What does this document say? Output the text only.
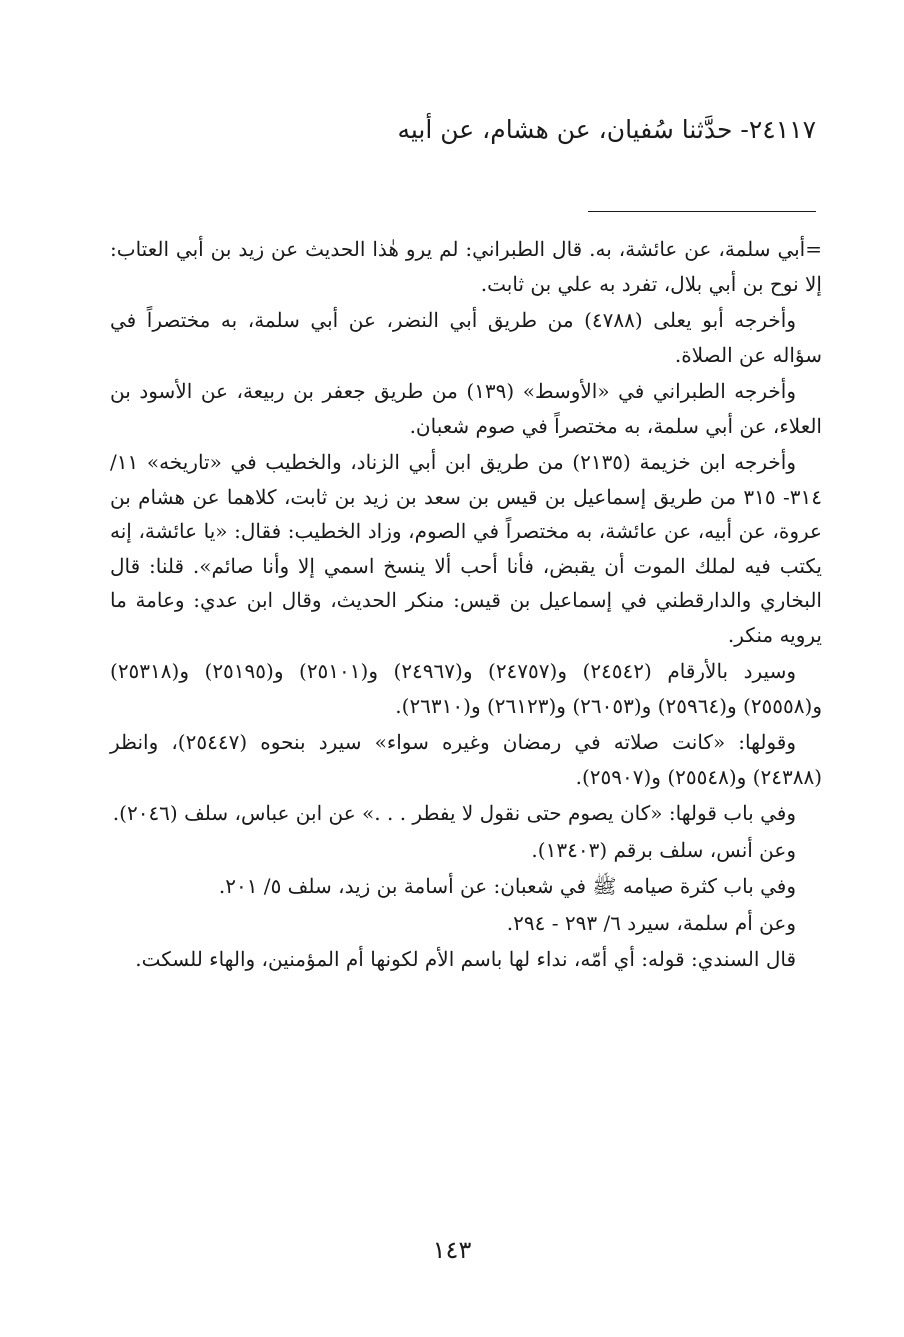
٢٤١١٧- حدَّثنا سُفيان، عن هشام، عن أبيه

=أبي سلمة، عن عائشة، به. قال الطبراني: لم يرو هٰذا الحديث عن زيد بن أبي العتاب: إلا نوح بن أبي بلال، تفرد به علي بن ثابت.

وأخرجه أبو يعلى (٤٧٨٨) من طريق أبي النضر، عن أبي سلمة، به مختصراً في سؤاله عن الصلاة.

وأخرجه الطبراني في «الأوسط» (١٣٩) من طريق جعفر بن ربيعة، عن الأسود بن العلاء، عن أبي سلمة، به مختصراً في صوم شعبان.

وأخرجه ابن خزيمة (٢١٣٥) من طريق ابن أبي الزناد، والخطيب في «تاريخه» ١١/ ٣١٤- ٣١٥ من طريق إسماعيل بن قيس بن سعد بن زيد بن ثابت، كلاهما عن هشام بن عروة، عن أبيه، عن عائشة، به مختصراً في الصوم، وزاد الخطيب: فقال: «يا عائشة، إنه يكتب فيه لملك الموت أن يقبض، فأنا أحب ألا ينسخ اسمي إلا وأنا صائم». قلنا: قال البخاري والدارقطني في إسماعيل بن قيس: منكر الحديث، وقال ابن عدي: وعامة ما يرويه منكر.

وسيرد بالأرقام (٢٤٥٤٢) و(٢٤٧٥٧) و(٢٤٩٦٧) و(٢٥١٠١) و(٢٥١٩٥) و(٢٥٣١٨) و(٢٥٥٥٨) و(٢٥٩٦٤) و(٢٦٠٥٣) و(٢٦١٢٣) و(٢٦٣١٠).

وقولها: «كانت صلاته في رمضان وغيره سواء» سيرد بنحوه (٢٥٤٤٧)، وانظر (٢٤٣٨٨) و(٢٥٥٤٨) و(٢٥٩٠٧).

وفي باب قولها: «كان يصوم حتى نقول لا يفطر . . .» عن ابن عباس، سلف (٢٠٤٦).

وعن أنس، سلف برقم (١٣٤٠٣).

وفي باب كثرة صيامه ﷺ في شعبان: عن أسامة بن زيد، سلف ٥/ ٢٠١.

وعن أم سلمة، سيرد ٦/ ٢٩٣ - ٢٩٤.

قال السندي: قوله: أي أمّه، نداء لها باسم الأم لكونها أم المؤمنين، والهاء للسكت.

١٤٣
